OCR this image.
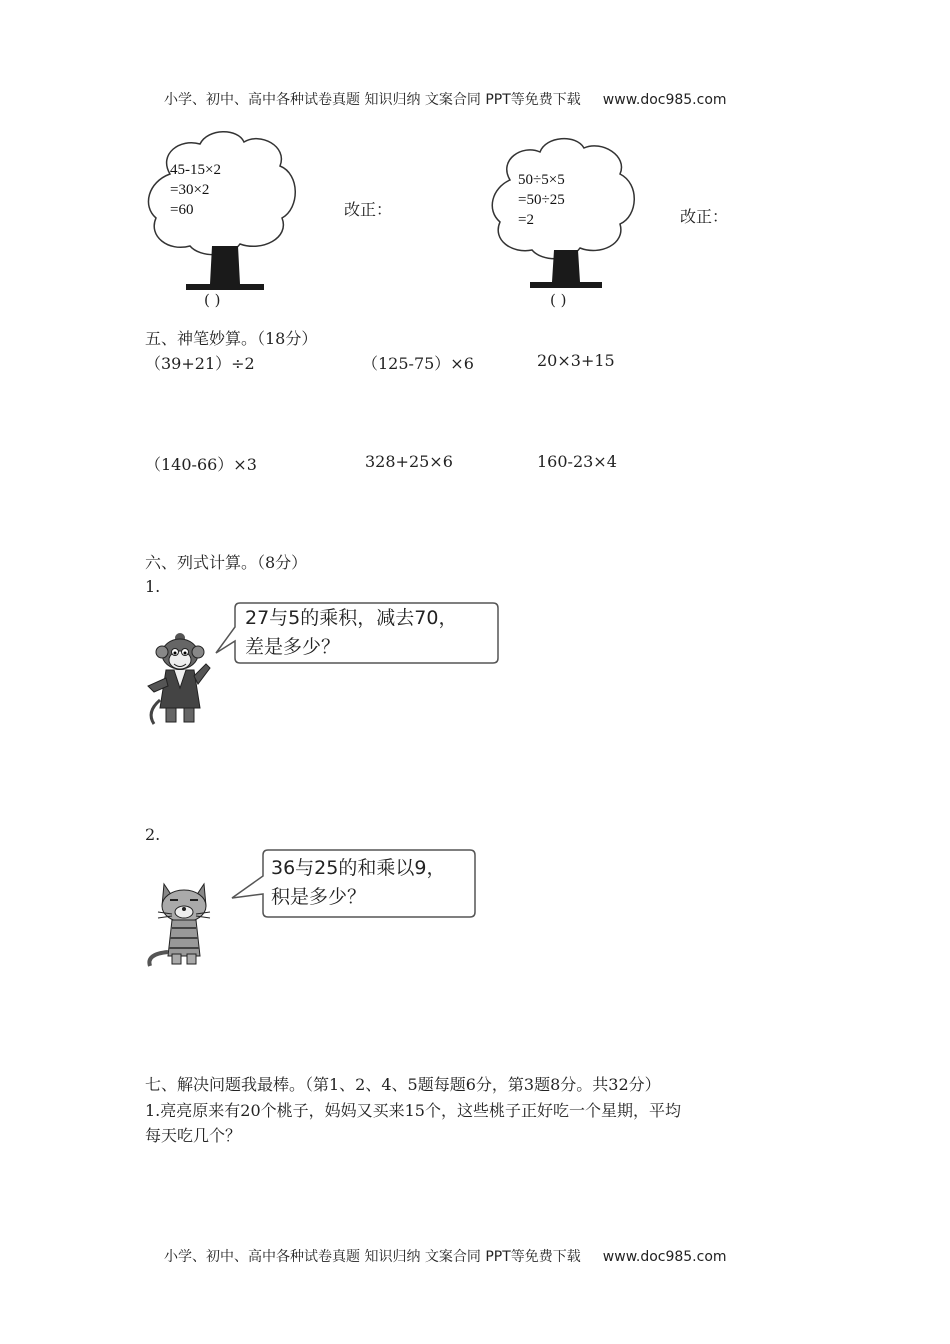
小学、初中、高中各种试卷真题 知识归纳 文案合同 PPT等免费下载 www.doc985.com
45-15×2
=30×2
=60
( )
改正：
50÷5×5
=50÷25
=2
( )
改正：
五、神笔妙算。（18分）
（39+21）÷2	（125-75）×6	20×3+15
（140-66）×3	328+25×6	160-23×4
六、列式计算。（8分）
1.
27与5的乘积，减去70，
差是多少？
2.
36与25的和乘以9，
积是多少？
七、解决问题我最棒。（第1、2、4、5题每题6分，第3题8分。共32分）
1.亮亮原来有20个桃子，妈妈又买来15个，这些桃子正好吃一个星期，平均
每天吃几个？
小学、初中、高中各种试卷真题 知识归纳 文案合同 PPT等免费下载 www.doc985.com
